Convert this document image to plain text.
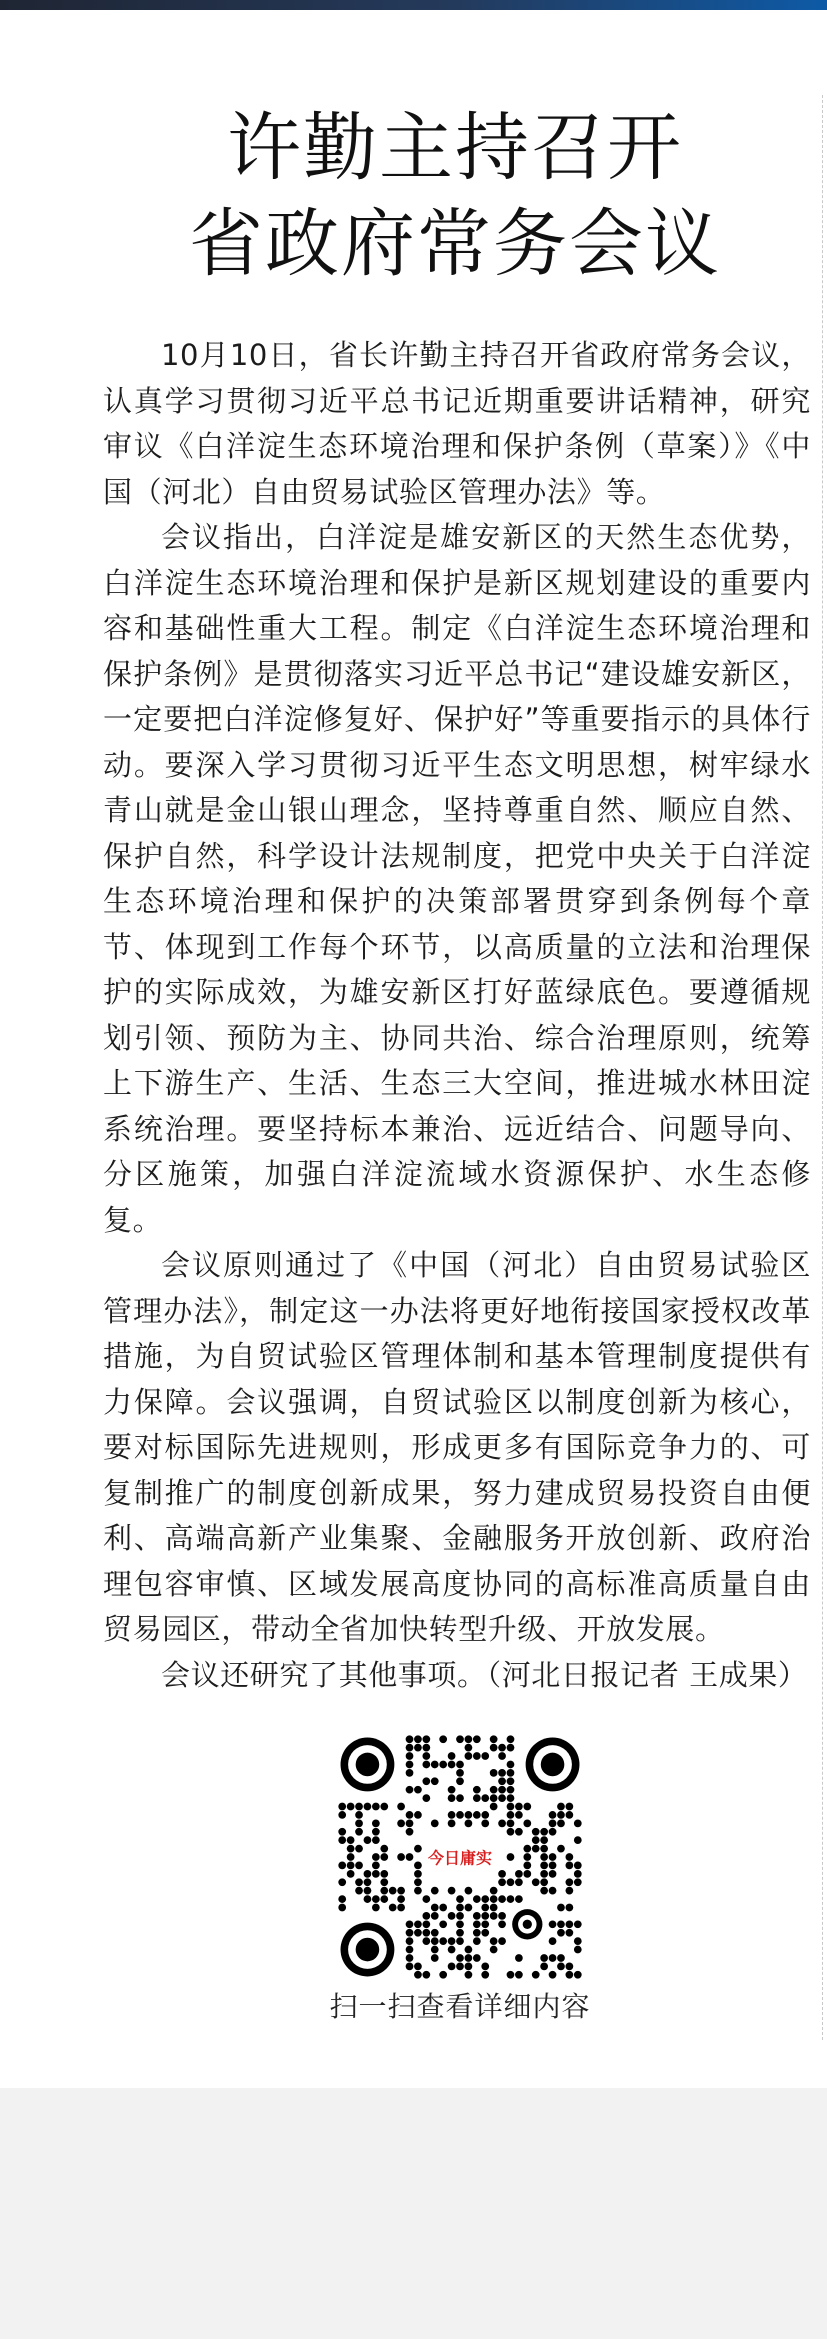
许勤主持召开
省政府常务会议

10月10日，省长许勤主持召开省政府常务会议，认真学习贯彻习近平总书记近期重要讲话精神，研究审议《白洋淀生态环境治理和保护条例（草案）》《中国（河北）自由贸易试验区管理办法》等。

会议指出，白洋淀是雄安新区的天然生态优势，白洋淀生态环境治理和保护是新区规划建设的重要内容和基础性重大工程。制定《白洋淀生态环境治理和保护条例》是贯彻落实习近平总书记“建设雄安新区，一定要把白洋淀修复好、保护好”等重要指示的具体行动。要深入学习贯彻习近平生态文明思想，树牢绿水青山就是金山银山理念，坚持尊重自然、顺应自然、保护自然，科学设计法规制度，把党中央关于白洋淀生态环境治理和保护的决策部署贯穿到条例每个章节、体现到工作每个环节，以高质量的立法和治理保护的实际成效，为雄安新区打好蓝绿底色。要遵循规划引领、预防为主、协同共治、综合治理原则，统筹上下游生产、生活、生态三大空间，推进城水林田淀系统治理。要坚持标本兼治、远近结合、问题导向、分区施策，加强白洋淀流域水资源保护、水生态修复。

会议原则通过了《中国（河北）自由贸易试验区管理办法》，制定这一办法将更好地衔接国家授权改革措施，为自贸试验区管理体制和基本管理制度提供有力保障。会议强调，自贸试验区以制度创新为核心，要对标国际先进规则，形成更多有国际竞争力的、可复制推广的制度创新成果，努力建成贸易投资自由便利、高端高新产业集聚、金融服务开放创新、政府治理包容审慎、区域发展高度协同的高标准高质量自由贸易园区，带动全省加快转型升级、开放发展。

会议还研究了其他事项。（河北日报记者 王成果）

今日庸实
扫一扫查看详细内容
